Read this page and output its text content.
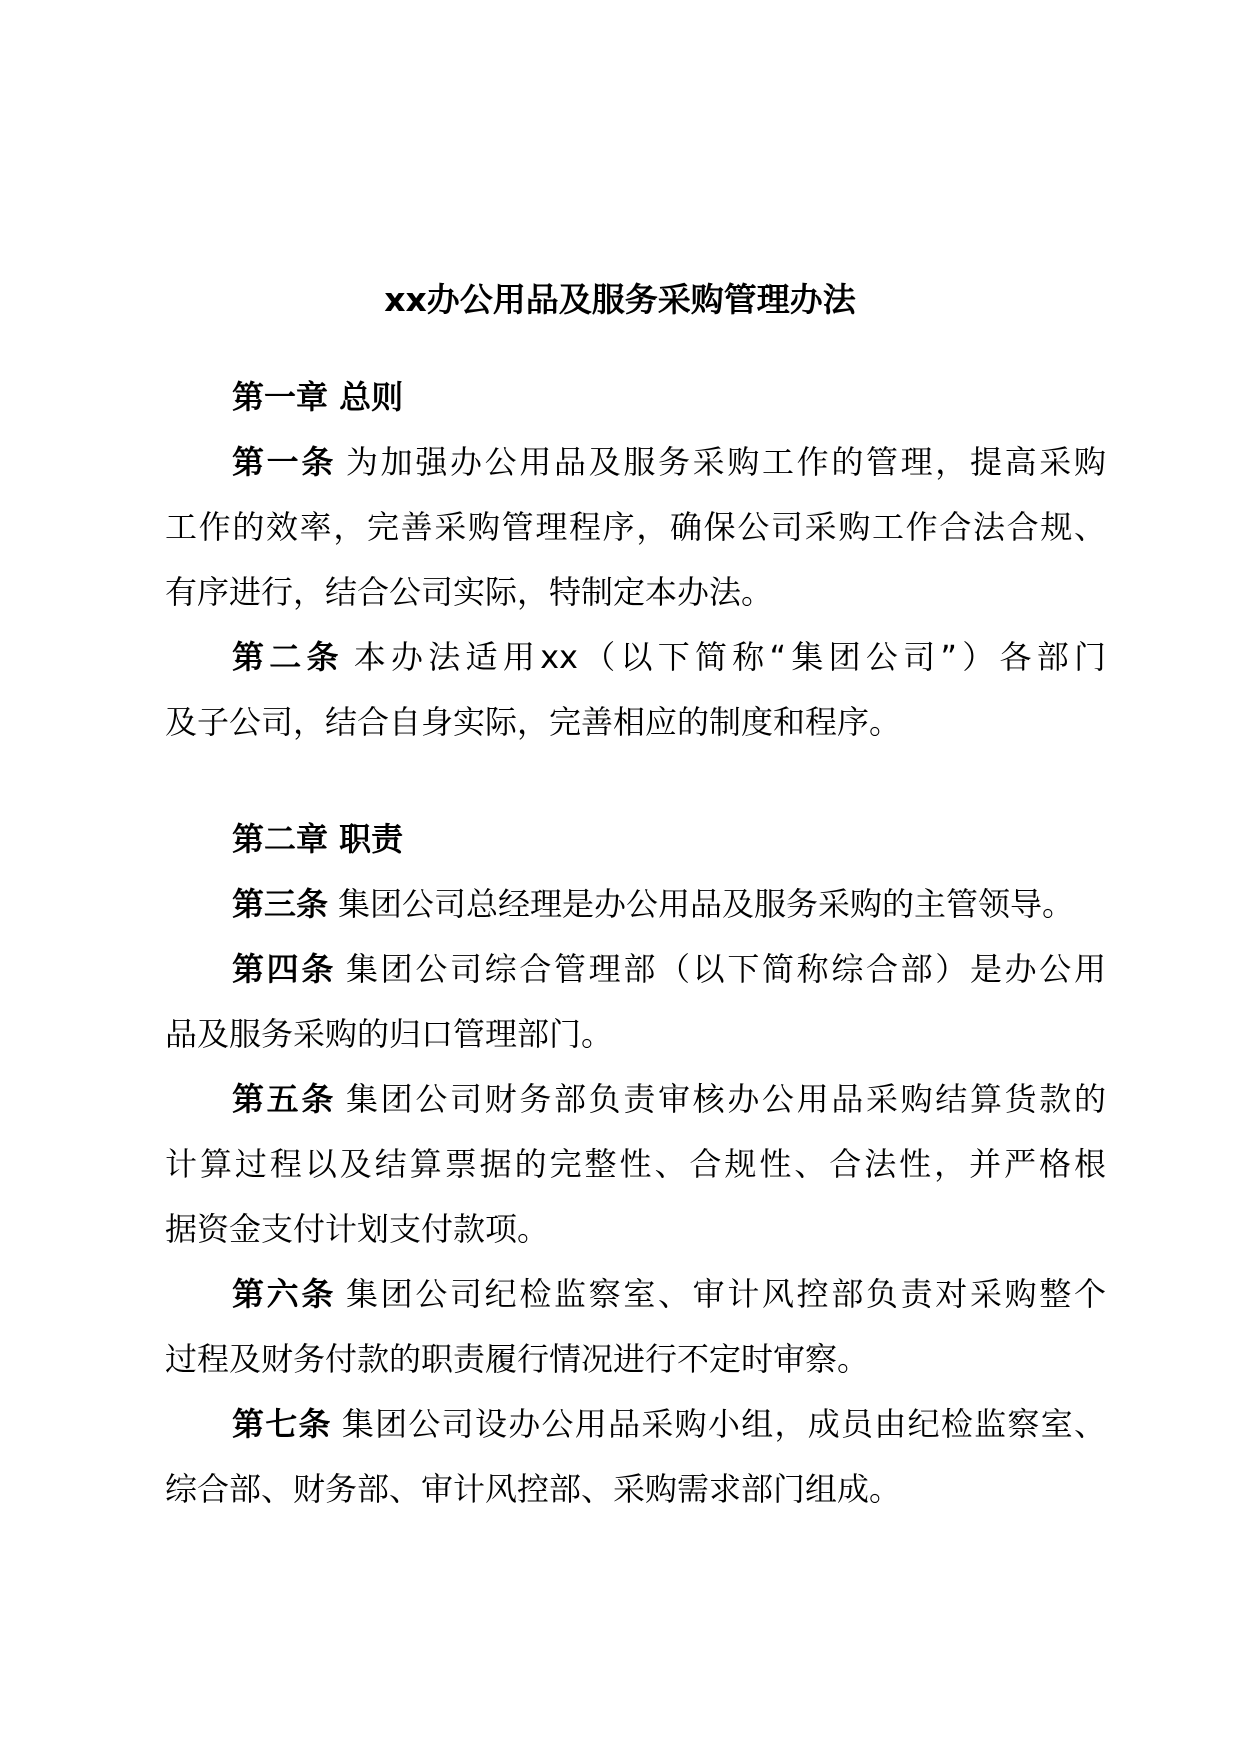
xx办公用品及服务采购管理办法
第一章 总则
第一条 为加强办公用品及服务采购工作的管理，提高采购
工作的效率，完善采购管理程序，确保公司采购工作合法合规、
有序进行，结合公司实际，特制定本办法。
第二条 本办法适用xx（以下简称“集团公司”）各部门
及子公司，结合自身实际，完善相应的制度和程序。
第二章 职责
第三条 集团公司总经理是办公用品及服务采购的主管领导。
第四条 集团公司综合管理部（以下简称综合部）是办公用
品及服务采购的归口管理部门。
第五条 集团公司财务部负责审核办公用品采购结算货款的
计算过程以及结算票据的完整性、合规性、合法性，并严格根
据资金支付计划支付款项。
第六条 集团公司纪检监察室、审计风控部负责对采购整个
过程及财务付款的职责履行情况进行不定时审察。
第七条 集团公司设办公用品采购小组，成员由纪检监察室、
综合部、财务部、审计风控部、采购需求部门组成。
